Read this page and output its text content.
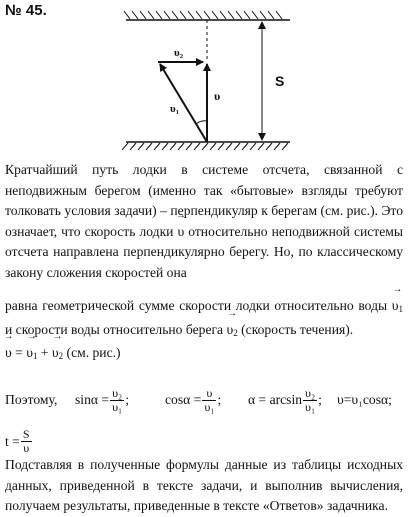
№ 45.
υ₂
υ
υ₁
S
Кратчайший путь лодки в системе отсчета, связанной с неподвижным берегом (именно так «бытовые» взгляды требуют толковать условия задачи) – перпендикуляр к берегам (см. рис.). Это означает, что скорость лодки → υ относительно неподвижной системы отсчета направлена перпендикулярно берегу. Но, по классическому закону сложения скоростей она
равна геометрической сумме скорости лодки относительно воды → $\upsilon_1$ и скорости воды относительно берега → $\upsilon_2$ (скорость течения).
→ υ = → $\upsilon_1$ + → $\upsilon_2$ (см. рис.)
Поэтому, $\sin\alpha = \frac{\text{υ₂}}{\text{υ₁}}$ ;	$\cos\alpha = \frac{\upsilon}{\text{υ₁}}$ ; $\alpha = \arcsin \frac{\text{υ₂}}{\text{υ₁}}$ ; υ=υ₁cosα;
$t = \frac{S}{\upsilon}$
Подставляя в полученные формулы данные из таблицы исходных данных, приведенной в тексте задачи, и выполнив вычисления, получаем результаты, приведенные в тексте «Ответов» задачника.
